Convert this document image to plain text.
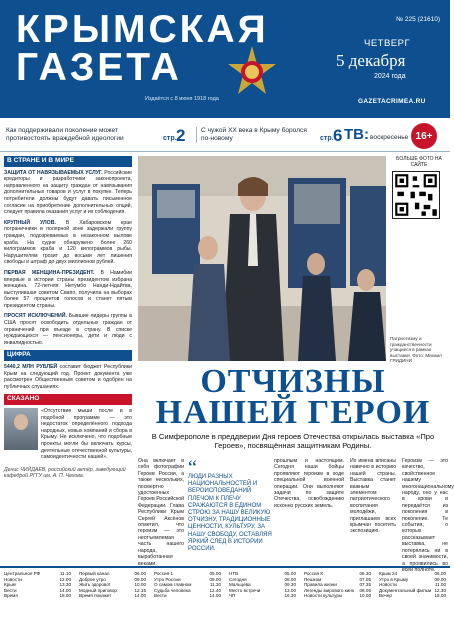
КРЫМСКАЯ
ГАЗЕТА
Издаётся с 8 июня 1918 года
№ 225 (21610)
ЧЕТВЕРГ
5 декабря
2024 года
GAZETACRIMEA.RU
Как поддерживали поколение может противостоять враждебной идеологии	стр. 2	С чужой XX века в Крыму боролся по-новому	стр. 6 TB: воскресенье 16+
В СТРАНЕ И В МИРЕ
ЗАЩИТА ОТ НАВЯЗЫВАЕМЫХ УСЛУГ. Российские кредиторы и разработчики законопроекта, направленного на защиту граждан от навязывания дополнительных товаров и услуг в покупке. Теперь потребители должны будут давать письменное согласие на приобретение дополнительных опций, следует правила оказания услуг и их соблюдения.
КРУПНЫЙ УЛОВ. В Хабаровском крае пограничники в полярной зоне задержали группу граждан, подозреваемых в незаконном вылове краба. На судне обнаружено более 260 килограммов краба и 120 килограммов рыбы. Нарушителям грозит до восьми лет лишения свободы и штраф до двух миллионов рублей.
ПЕРВАЯ ЖЕНЩИНА-ПРЕЗИДЕНТ. В Намибии впервые в истории страны президентом избрана женщина. 72-летняя Нетумбо Нанди-Ндайтва, выступившая советом Свапо, получила на выборах более 57 процентов голосов и станет пятым президентом страны.
ПРОСЯТ ИСКЛЮЧЕНИЙ. Бывшие лидеры группы в США просят освободить отдельных граждан от ограничений при въезде в страну. В списке нуждающихся — пенсионеры, дети и люди с инвалидностью.
ЦИФРА
5440,2 МЛН РУБЛЕЙ составит бюджет Республики Крым на следующий год. Проект документа уже рассмотрен Общественным советом и одобрен на публичных слушаниях.
СКАЗАНО
«Отсутствие мыши после и в подобной программе — это недостаток определённого подхода народных, новых компаний и сбора в Крыму. Не исключено, что подобные проекты могли бы включать курсы, деятельные отечественной культуры, самоидентичности нашей».
Денис ЧИЙДАЕВ, российский актёр, заведующий кафедрой РГГУ им. А. П. Чехова.
БОЛЬШЕ ФОТО НА САЙТЕ
Патриотизму и гражданственности учащиеся в рамках выставки. Фото: Михаил ГРИДИНИ
ОТЧИЗНЫ
НАШЕЙ ГЕРОИ
В Симферополе в преддверии Дня героев Отечества открылась выставка «Про Героев», посвящённая защитникам Родины.
Она включает в себя фотографии Героев России, а также нескольких, посмертно удостоенных Героев Российской Федерации. Глава Республики Крым Сергей Аксёнов отметил, что героизм — это неотъемлемая часть нашего народа, выработанная веками.
прошлым и настоящим. Сегодня наши бойцы проявляют героизм в ходе специальной военной операции. Они выполняют задачи по защите Отечества, освобождению исконно русских земель.
Их имена вписаны навечно в историю нашей страны. Выставка станет важным элементом патриотического воспитания молодёжи, приглашаем всех крымчан посетить экспозицию.
Героизм — это качество, свойственное нашему многонациональному народу, оно у нас в крови и передаётся из поколения в поколение. Те события, о которых рассказывает выставка, не потерялись ни в своей значимости, а проявились во всей полноте.
“
ЛЮДИ РАЗНЫХ НАЦИОНАЛЬНОСТЕЙ И ВЕРОИСПОВЕДАНИЙ ПЛЕЧОМ К ПЛЕЧУ СРАЖАЮТСЯ В ЕДИНОМ СТРОЮ ЗА НАШУ ВЕЛИКУЮ ОТЧИЗНУ, ТРАДИЦИОННЫЕ ЦЕННОСТИ, КУЛЬТУРУ, ЗА НАШУ СВОБОДУ, ОСТАВЛЯЯ ЯРКИЙ СЛЕД В ИСТОРИИ РОССИИ.
Центральное РФ	11.10
Новости	12.00
Крым	13.30
Вести	14.00
Время	18.00
Первый канал	06.00
Доброе утро	09.00
Жить здорово!	10.00
Модный приговор	12.15
Время покажет	14.00
Россия 1	05.00
Утро России	09.00
О самом главном	11.30
Судьба человека	12.40
Вести	14.00
НТВ	05.00
Сегодня	08.00
Мальцева	09.30
Место встречи	13.00
ЧП	16.30
Россия К	06.30
Пешком	07.05
Правила жизни	07.35
Легенды мирового кино 08.05
Новости культуры	10.00
Крым 24	06.00
Утро в Крыму	09.00
Новости	11.00
Документальный фильм 12.30
Вечер	18.00
